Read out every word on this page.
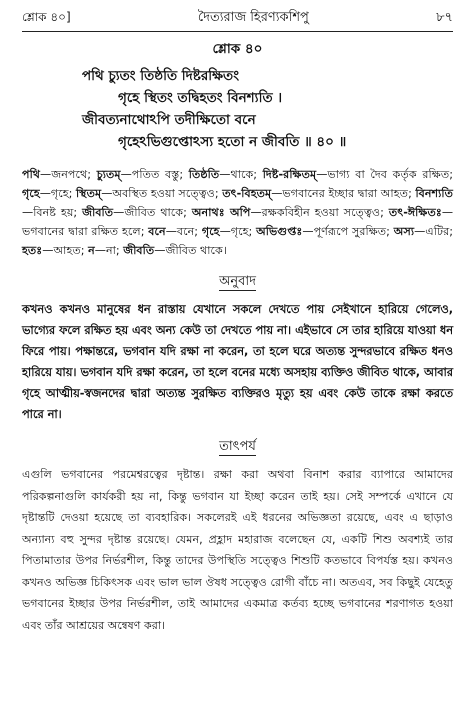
শ্লোক ৪০]	দৈত্যরাজ হিরণ্যকশিপু	৮৭
শ্লোক ৪০
পথি চ্যুতং তিষ্ঠতি দিষ্টরক্ষিতং
গৃহে স্থিতং তদ্বিহতং বিনশ্যতি ।
জীবত্যনাথোঽপি তদীক্ষিতো বনে
গৃহেঽভিগুপ্তোঽস্য হতো ন জীবতি ॥ ৪০ ॥
পথি—জনপথে; চ্যুতম্—পতিত বস্তু; তিষ্ঠতি—থাকে; দিষ্ট-রক্ষিতম্—ভাগ্য বা দৈব কর্তৃক রক্ষিত; গৃহে—গৃহে; স্থিতম্—অবস্থিত হওয়া সত্ত্বেও; তৎ-বিহতম্—ভগবানের ইচ্ছার দ্বারা আহত; বিনশ্যতি—বিনষ্ট হয়; জীবতি—জীবিত থাকে; অনাথঃ অপি—রক্ষকবিহীন হওয়া সত্ত্বেও; তৎ-ঈক্ষিতঃ—ভগবানের দ্বারা রক্ষিত হলে; বনে—বনে; গৃহে—গৃহে; অভিগুপ্তঃ—পূর্ণরূপে সুরক্ষিত; অস্য—এটির; হতঃ—আহত; ন—না; জীবতি—জীবিত থাকে।
অনুবাদ
কখনও কখনও মানুষের ধন রাস্তায় যেখানে সকলে দেখতে পায় সেইখানে হারিয়ে গেলেও, ভাগ্যের ফলে রক্ষিত হয় এবং অন্য কেউ তা দেখতে পায় না। এইভাবে সে তার হারিয়ে যাওয়া ধন ফিরে পায়। পক্ষান্তরে, ভগবান যদি রক্ষা না করেন, তা হলে ঘরে অত্যন্ত সুন্দরভাবে রক্ষিত ধনও হারিয়ে যায়। ভগবান যদি রক্ষা করেন, তা হলে বনের মধ্যে অসহায় ব্যক্তিও জীবিত থাকে, আবার গৃহে আত্মীয়-স্বজনদের দ্বারা অত্যন্ত সুরক্ষিত ব্যক্তিরও মৃত্যু হয় এবং কেউ তাকে রক্ষা করতে পারে না।
তাৎপর্য
এগুলি ভগবানের পরমেশ্বরত্বের দৃষ্টান্ত। রক্ষা করা অথবা বিনাশ করার ব্যাপারে আমাদের পরিকল্পনাগুলি কার্যকরী হয় না, কিন্তু ভগবান যা ইচ্ছা করেন তাই হয়। সেই সম্পর্কে এখানে যে দৃষ্টান্তটি দেওয়া হয়েছে তা ব্যবহারিক। সকলেরই এই ধরনের অভিজ্ঞতা রয়েছে, এবং এ ছাড়াও অন্যান্য বহু সুন্দর দৃষ্টান্ত রয়েছে। যেমন, প্রহ্লাদ মহারাজ বলেছেন যে, একটি শিশু অবশ্যই তার পিতামাতার উপর নির্ভরশীল, কিন্তু তাদের উপস্থিতি সত্ত্বেও শিশুটি কতভাবে বিপর্যস্ত হয়। কখনও কখনও অভিজ্ঞ চিকিৎসক এবং ভাল ভাল ঔষধ সত্ত্বেও রোগী বাঁচে না। অতএব, সব কিছুই যেহেতু ভগবানের ইচ্ছার উপর নির্ভরশীল, তাই আমাদের একমাত্র কর্তব্য হচ্ছে ভগবানের শরণাগত হওয়া এবং তাঁর আশ্রয়ের অন্বেষণ করা।
